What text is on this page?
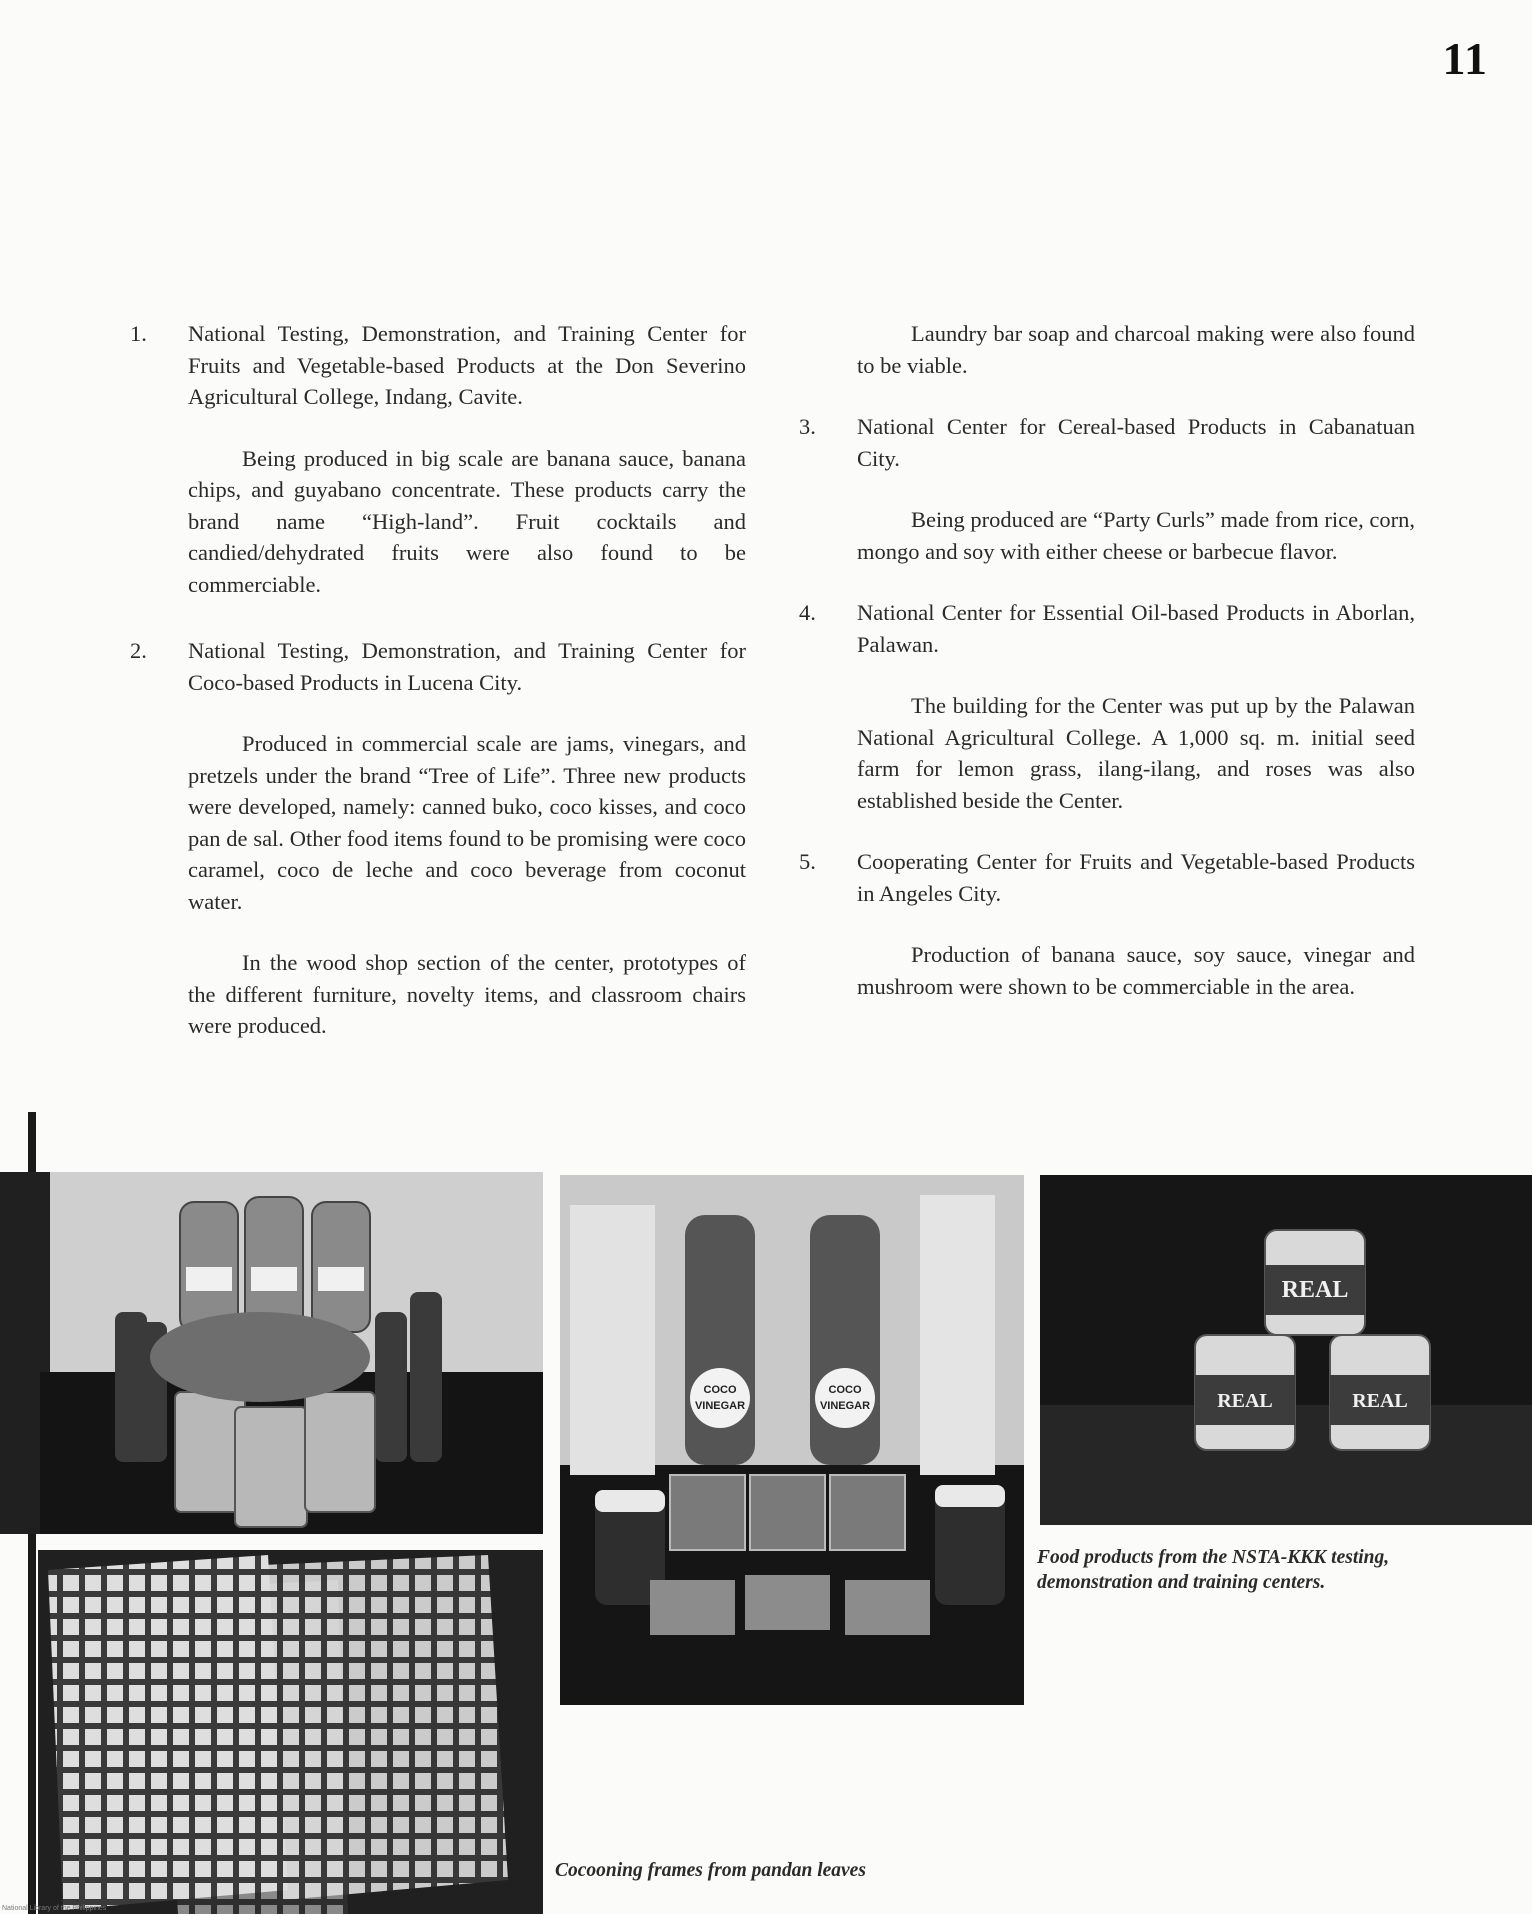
11
1. National Testing, Demonstration, and Training Center for Fruits and Vegetable-based Products at the Don Severino Agricultural College, Indang, Cavite.

Being produced in big scale are banana sauce, banana chips, and guyabano concentrate. These products carry the brand name “High-land”. Fruit cocktails and candied/dehydrated fruits were also found to be commerciable.

2. National Testing, Demonstration, and Training Center for Coco-based Products in Lucena City.

Produced in commercial scale are jams, vinegars, and pretzels under the brand “Tree of Life”. Three new products were developed, namely: canned buko, coco kisses, and coco pan de sal. Other food items found to be promising were coco caramel, coco de leche and coco beverage from coconut water.

In the wood shop section of the center, prototypes of the different furniture, novelty items, and classroom chairs were produced.

Laundry bar soap and charcoal making were also found to be viable.

3. National Center for Cereal-based Products in Cabanatuan City.

Being produced are “Party Curls” made from rice, corn, mongo and soy with either cheese or barbecue flavor.

4. National Center for Essential Oil-based Products in Aborlan, Palawan.

The building for the Center was put up by the Palawan National Agricultural College. A 1,000 sq. m. initial seed farm for lemon grass, ilang-ilang, and roses was also established beside the Center.

5. Cooperating Center for Fruits and Vegetable-based Products in Angeles City.

Production of banana sauce, soy sauce, vinegar and mushroom were shown to be commerciable in the area.

COCO
VINEGAR
COCO
VINEGAR
REAL
REAL	REAL
Food products from the NSTA-KKK testing, demonstration and training centers.
Cocooning frames from pandan leaves
National Library of the Philippines
